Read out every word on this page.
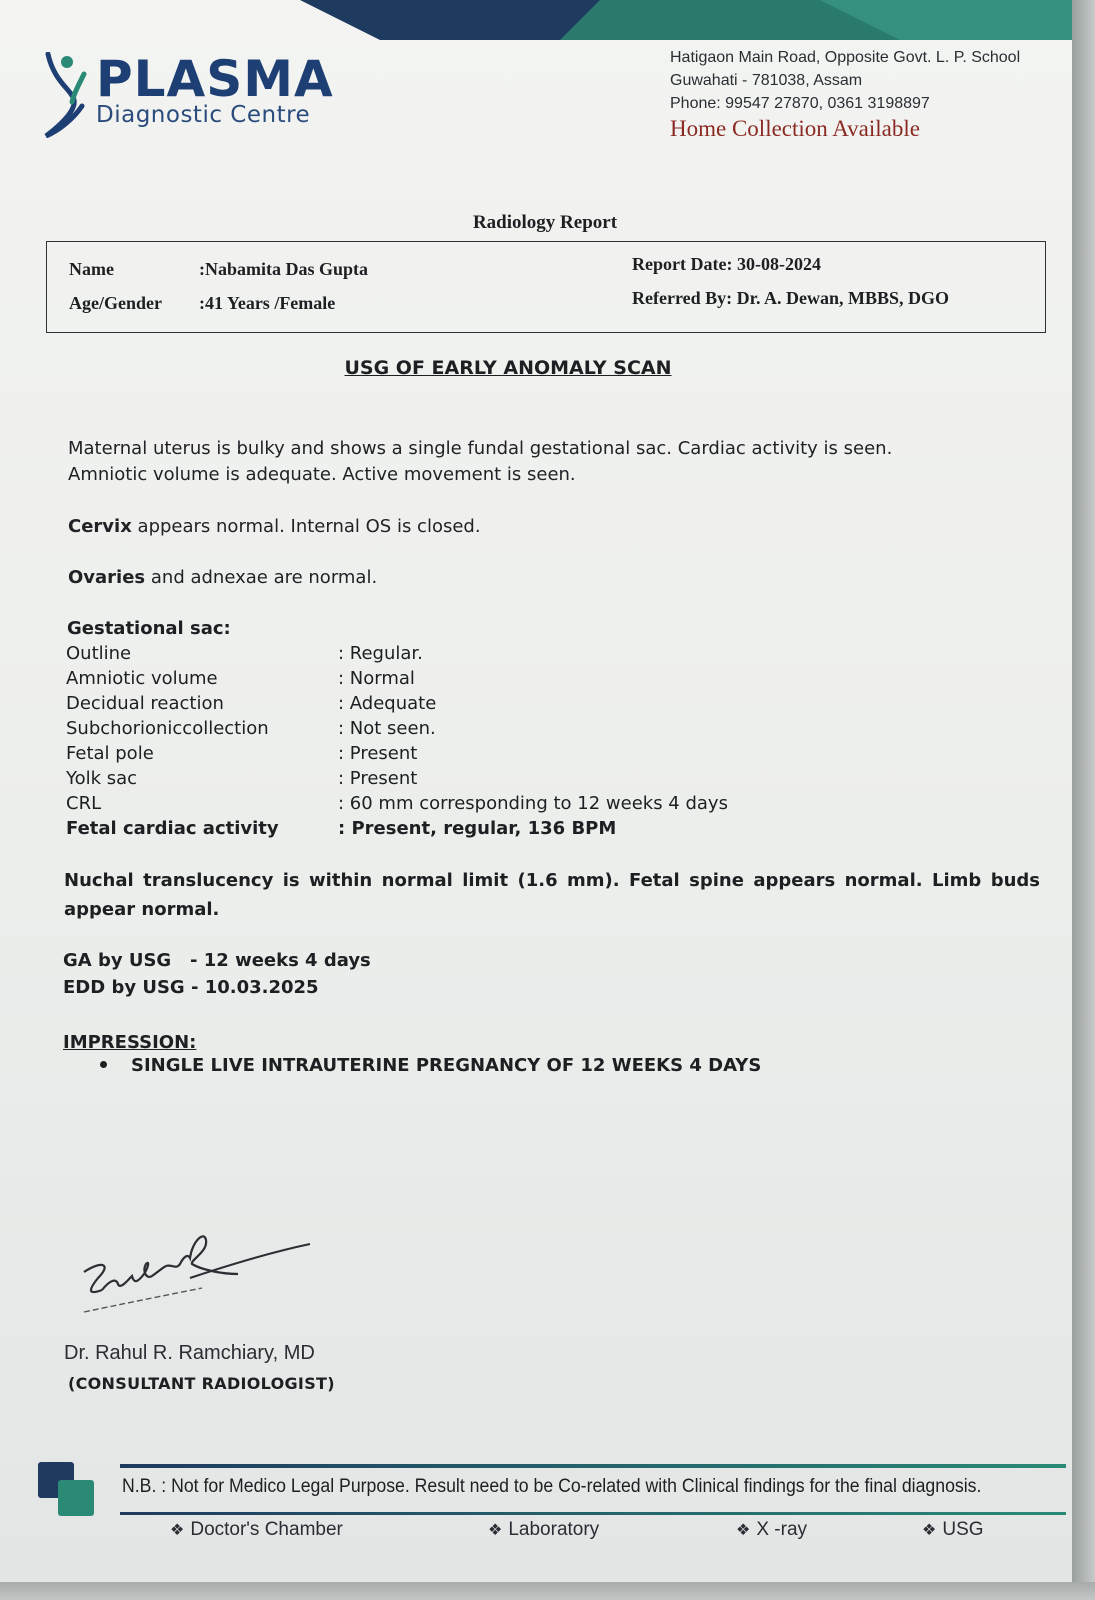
PLASMA
Diagnostic Centre
Hatigaon Main Road, Opposite Govt. L. P. School
Guwahati - 781038, Assam
Phone: 99547 27870, 0361 3198897
Home Collection Available
Radiology Report
Name	:Nabamita Das Gupta
Age/Gender :41 Years /Female
Report Date: 30-08-2024
Referred By: Dr. A. Dewan, MBBS, DGO
USG OF EARLY ANOMALY SCAN
Maternal uterus is bulky and shows a single fundal gestational sac. Cardiac activity is seen.
Amniotic volume is adequate. Active movement is seen.
Cervix appears normal. Internal OS is closed.
Ovaries and adnexae are normal.
Gestational sac:
Outline	: Regular.
Amniotic volume	: Normal
Decidual reaction	: Adequate
Subchorioniccollection	: Not seen.
Fetal pole	: Present
Yolk sac	: Present
CRL	: 60 mm corresponding to 12 weeks 4 days
Fetal cardiac activity	: Present, regular, 136 BPM
Nuchal translucency is within normal limit (1.6 mm). Fetal spine appears normal. Limb buds appear normal.
GA by USG   - 12 weeks 4 days
EDD by USG - 10.03.2025
IMPRESSION:
SINGLE LIVE INTRAUTERINE PREGNANCY OF 12 WEEKS 4 DAYS
Dr. Rahul R. Ramchiary, MD
(CONSULTANT RADIOLOGIST)
N.B. : Not for Medico Legal Purpose. Result need to be Co-related with Clinical findings for the final diagnosis.
❖ Doctor's Chamber	❖ Laboratory	❖ X -ray	❖ USG
